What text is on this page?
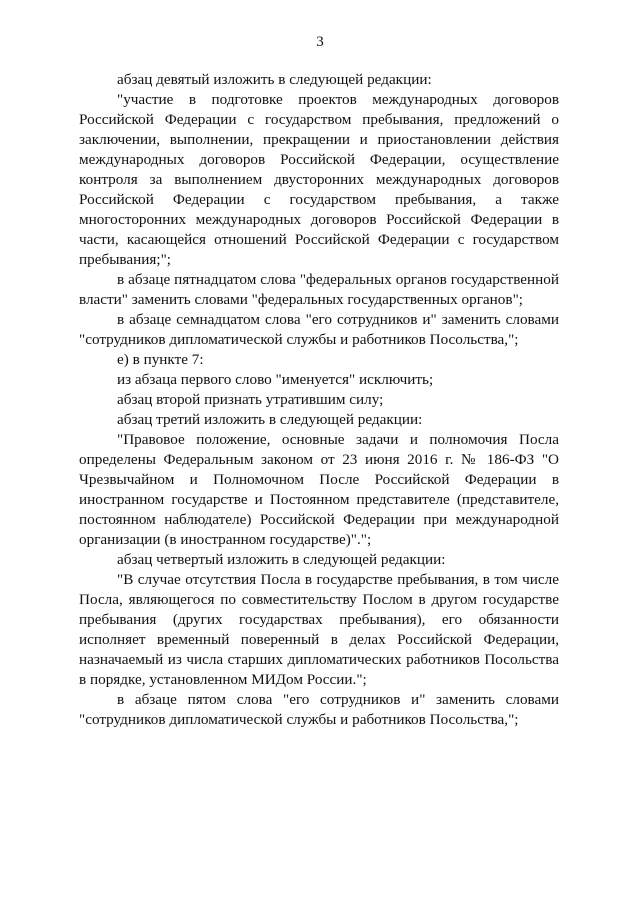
3

абзац девятый изложить в следующей редакции:

"участие в подготовке проектов международных договоров Российской Федерации с государством пребывания, предложений о заключении, выполнении, прекращении и приостановлении действия международных договоров Российской Федерации, осуществление контроля за выполнением двусторонних международных договоров Российской Федерации с государством пребывания, а также многосторонних международных договоров Российской Федерации в части, касающейся отношений Российской Федерации с государством пребывания;";

в абзаце пятнадцатом слова "федеральных органов государственной власти" заменить словами "федеральных государственных органов";

в абзаце семнадцатом слова "его сотрудников и" заменить словами "сотрудников дипломатической службы и работников Посольства,";

е) в пункте 7:

из абзаца первого слово "именуется" исключить;

абзац второй признать утратившим силу;

абзац третий изложить в следующей редакции:

"Правовое положение, основные задачи и полномочия Посла определены Федеральным законом от 23 июня 2016 г. № 186-ФЗ "О Чрезвычайном и Полномочном После Российской Федерации в иностранном государстве и Постоянном представителе (представителе, постоянном наблюдателе) Российской Федерации при международной организации (в иностранном государстве)".";

абзац четвертый изложить в следующей редакции:

"В случае отсутствия Посла в государстве пребывания, в том числе Посла, являющегося по совместительству Послом в другом государстве пребывания (других государствах пребывания), его обязанности исполняет временный поверенный в делах Российской Федерации, назначаемый из числа старших дипломатических работников Посольства в порядке, установленном МИДом России.";

в абзаце пятом слова "его сотрудников и" заменить словами "сотрудников дипломатической службы и работников Посольства,";
